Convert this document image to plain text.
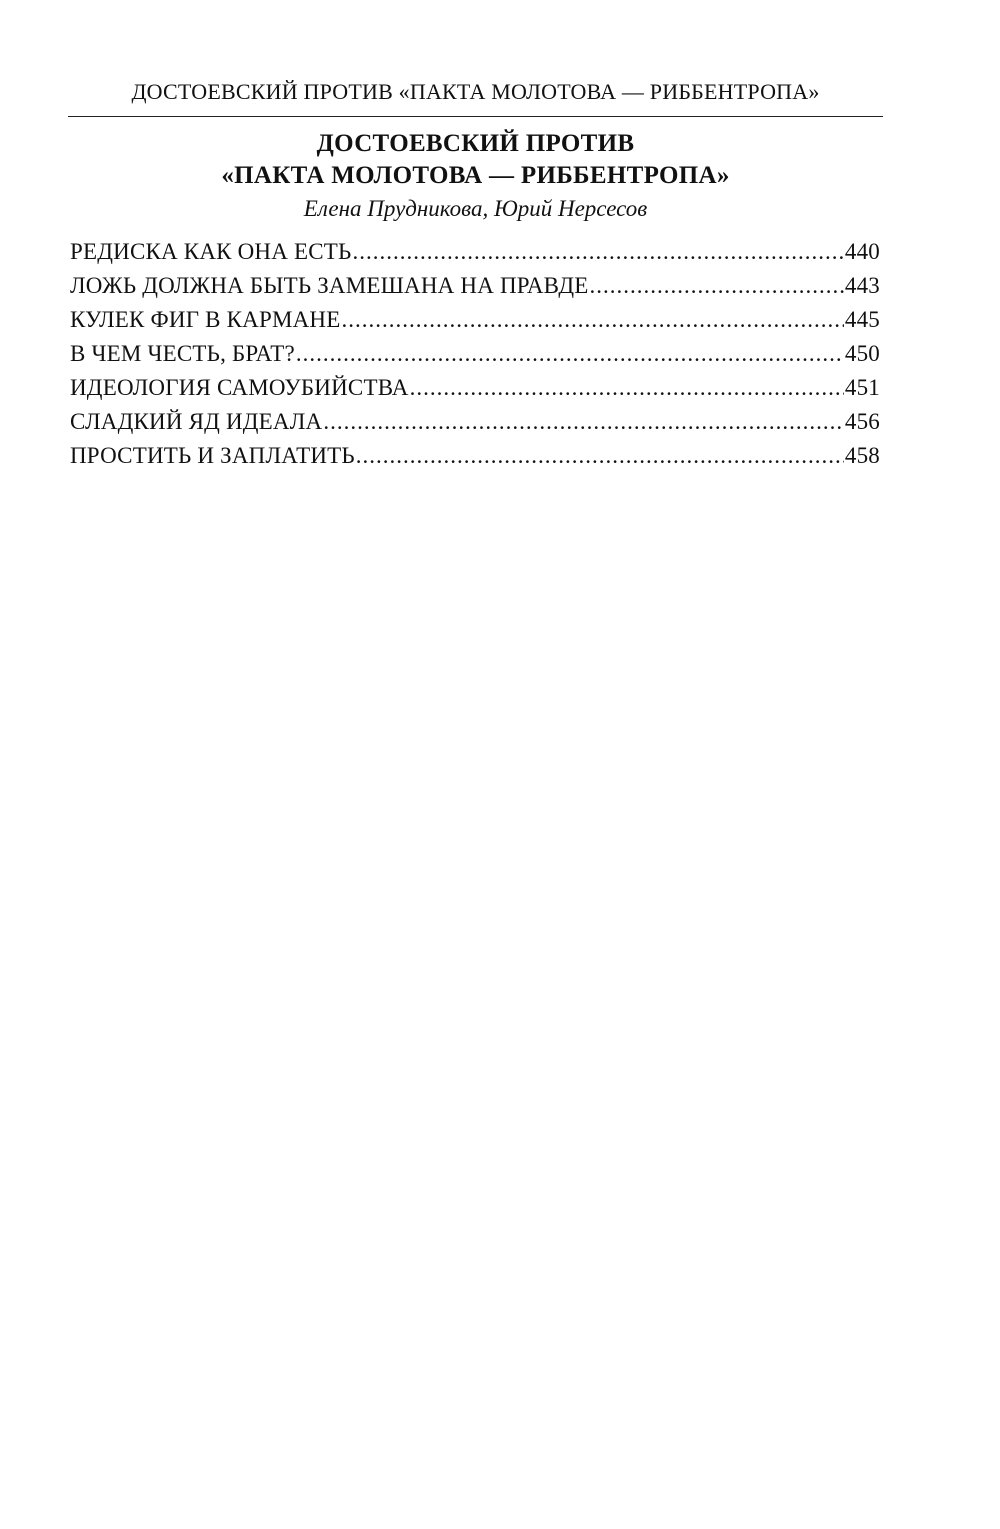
ДОСТОЕВСКИЙ ПРОТИВ «ПАКТА МОЛОТОВА — РИББЕНТРОПА»
ДОСТОЕВСКИЙ ПРОТИВ
«ПАКТА МОЛОТОВА — РИББЕНТРОПА»
Елена Прудникова, Юрий Нерсесов
РЕДИСКА КАК ОНА ЕСТЬ .....	440
ЛОЖЬ ДОЛЖНА БЫТЬ ЗАМЕШАНА НА ПРАВДЕ .....	443
КУЛЕК ФИГ В КАРМАНЕ .....	445
В ЧЕМ ЧЕСТЬ, БРАТ? .....	450
ИДЕОЛОГИЯ САМОУБИЙСТВА .....	451
СЛАДКИЙ ЯД ИДЕАЛА .....	456
ПРОСТИТЬ И ЗАПЛАТИТЬ .....	458
